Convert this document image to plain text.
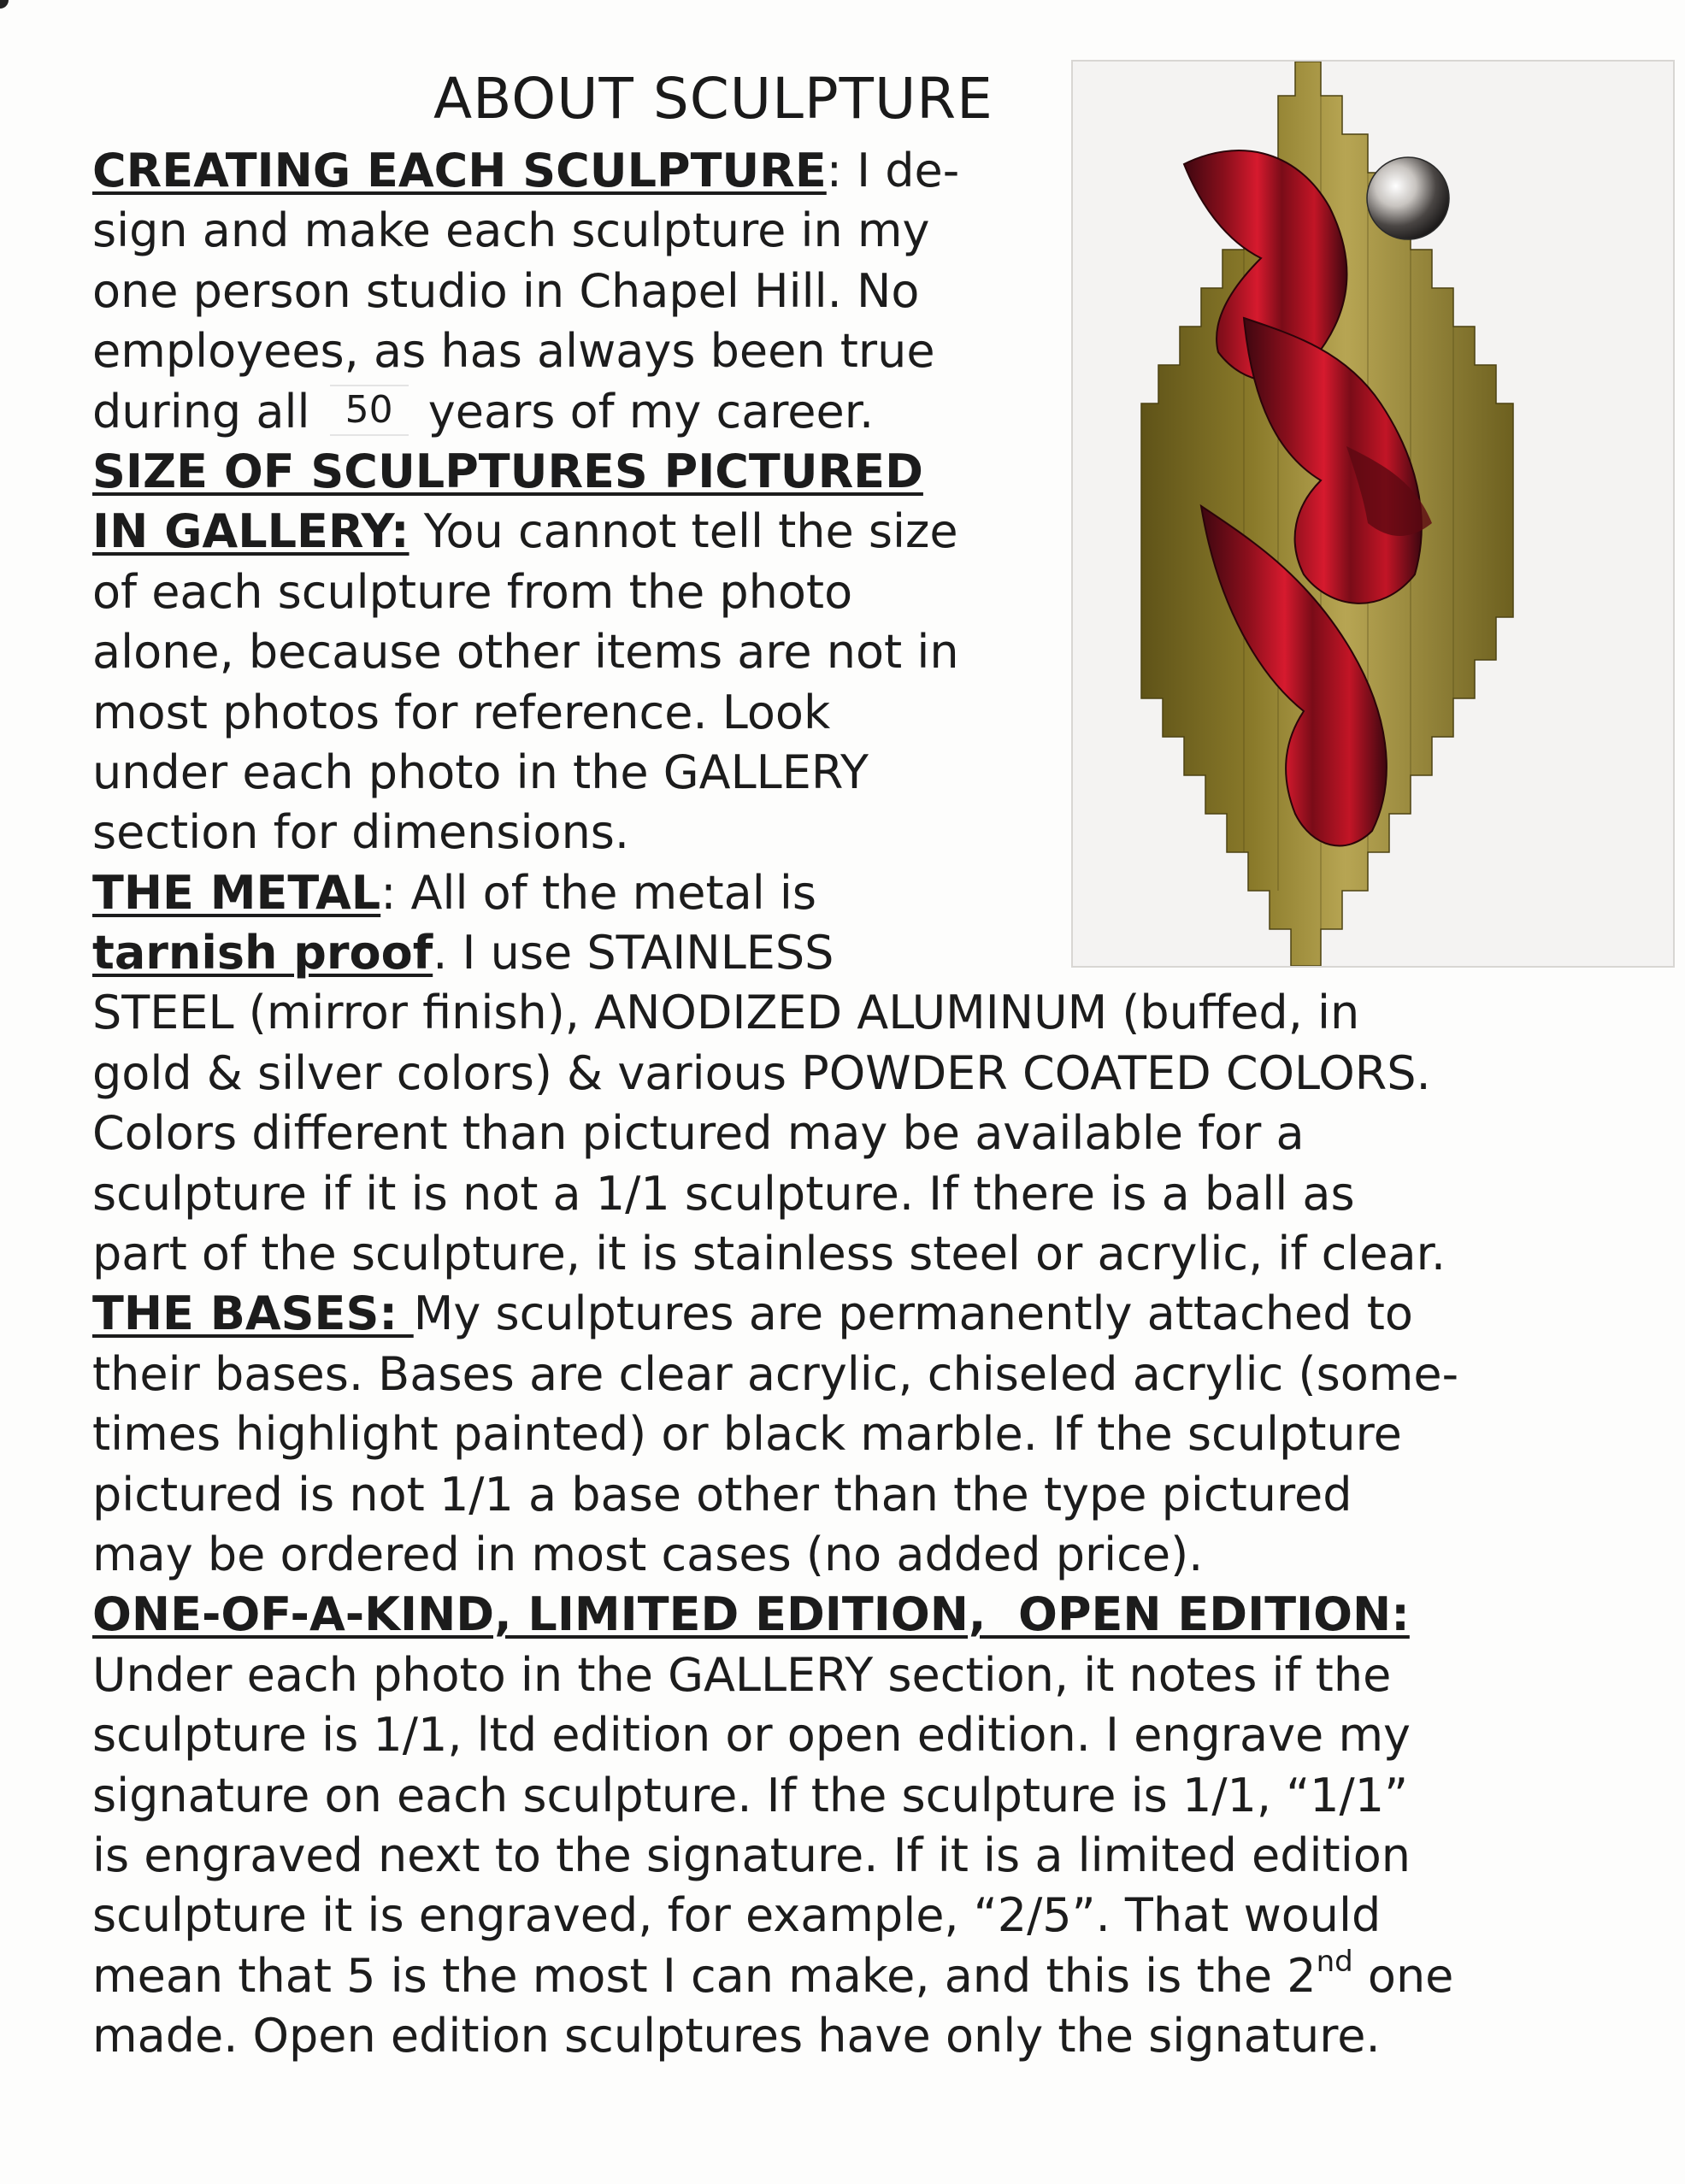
ABOUT SCULPTURE
CREATING EACH SCULPTURE: I de-
sign and make each sculpture in my
one person studio in Chapel Hill. No
employees, as has always been true
during all 50 years of my career.
SIZE OF SCULPTURES PICTURED
IN GALLERY: You cannot tell the size
of each sculpture from the photo
alone, because other items are not in
most photos for reference. Look
under each photo in the GALLERY
section for dimensions.
THE METAL: All of the metal is
tarnish proof. I use STAINLESS
STEEL (mirror finish), ANODIZED ALUMINUM (buffed, in
gold & silver colors) & various POWDER COATED COLORS.
Colors different than pictured may be available for a
sculpture if it is not a 1/1 sculpture. If there is a ball as
part of the sculpture, it is stainless steel or acrylic, if clear.
THE BASES: My sculptures are permanently attached to
their bases. Bases are clear acrylic, chiseled acrylic (some-
times highlight painted) or black marble. If the sculpture
pictured is not 1/1 a base other than the type pictured
may be ordered in most cases (no added price).
ONE-OF-A-KIND, LIMITED EDITION,  OPEN EDITION:
Under each photo in the GALLERY section, it notes if the
sculpture is 1/1, ltd edition or open edition. I engrave my
signature on each sculpture. If the sculpture is 1/1, “1/1”
is engraved next to the signature. If it is a limited edition
sculpture it is engraved, for example, “2/5”. That would
mean that 5 is the most I can make, and this is the 2nd one
made. Open edition sculptures have only the signature.
